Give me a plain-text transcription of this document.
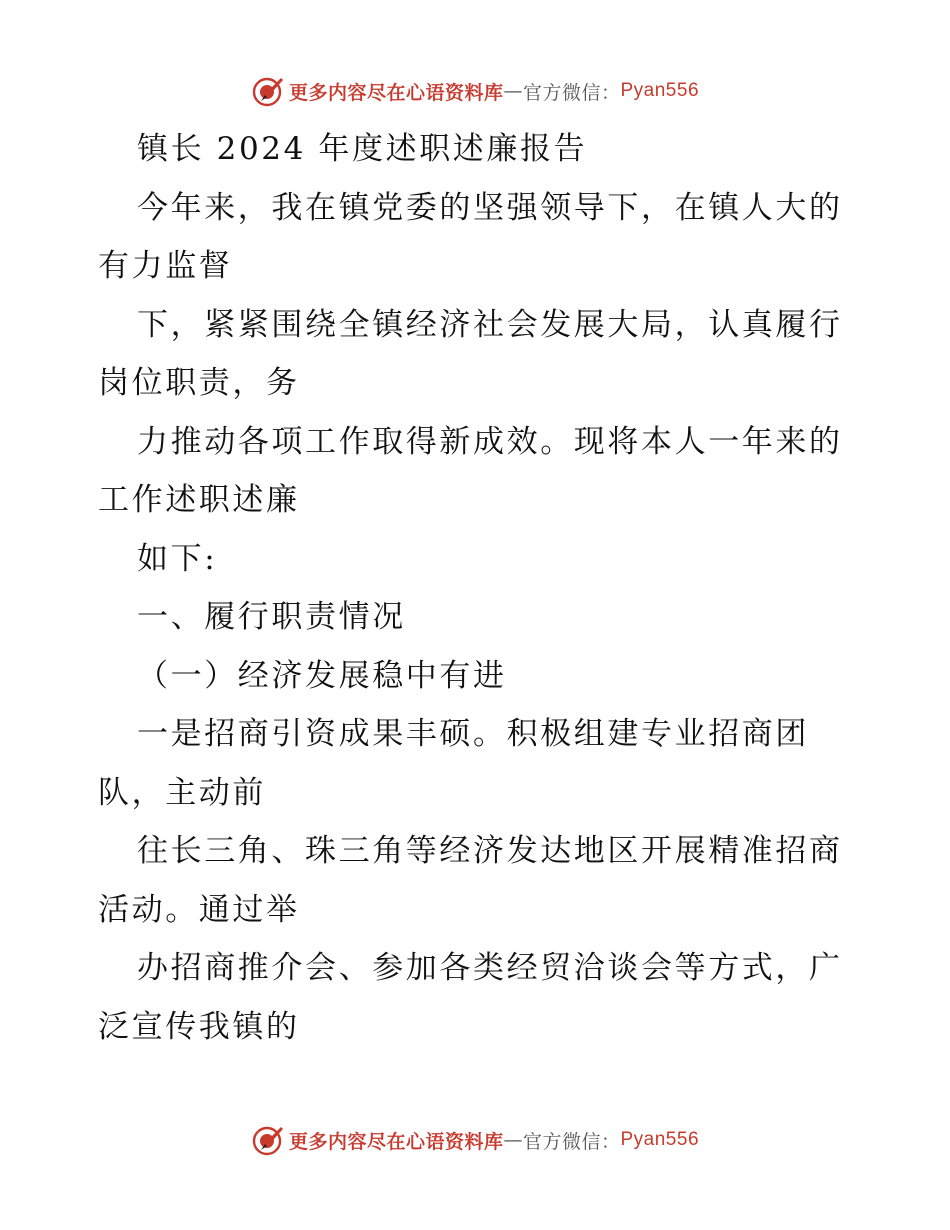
更多内容尽在心语资料库 — 官方微信： Pyan556
镇长 2024 年度述职述廉报告
今年来，我在镇党委的坚强领导下，在镇人大的
有力监督
下，紧紧围绕全镇经济社会发展大局，认真履行
岗位职责，务
力推动各项工作取得新成效。现将本人一年来的
工作述职述廉
如下:
一、履行职责情况
（一）经济发展稳中有进
一是招商引资成果丰硕。积极组建专业招商团
队，主动前
往长三角、珠三角等经济发达地区开展精准招商
活动。通过举
办招商推介会、参加各类经贸洽谈会等方式，广
泛宣传我镇的
更多内容尽在心语资料库 — 官方微信： Pyan556
